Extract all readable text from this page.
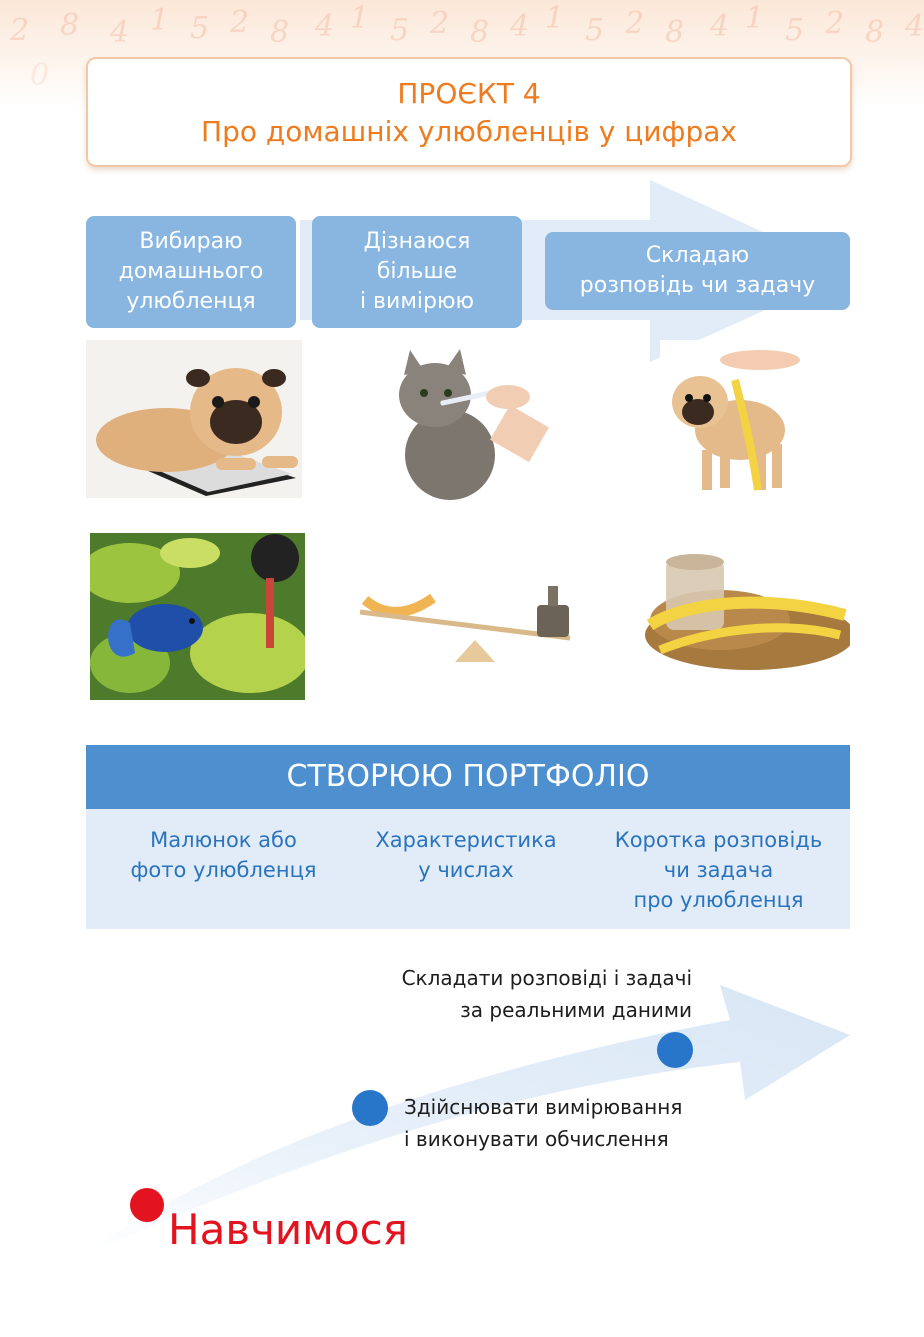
2 8 4 1 5 2 8 4 1 5 2 8 4 1 5 2 8 4 1 5 2 8 4
0
ПРОЄКТ 4
Про домашніх улюбленців у цифрах
Вибираю
домашнього
улюбленця
Дізнаюся
більше
і вимірюю
Складаю
розповідь чи задачу
СТВОРЮЮ ПОРТФОЛІО
Малюнок або
фото улюбленця
Характеристика
у числах
Коротка розповідь
чи задача
про улюбленця
Складати розповіді і задачі
за реальними даними
Здійснювати вимірювання
і виконувати обчислення
Навчимося
